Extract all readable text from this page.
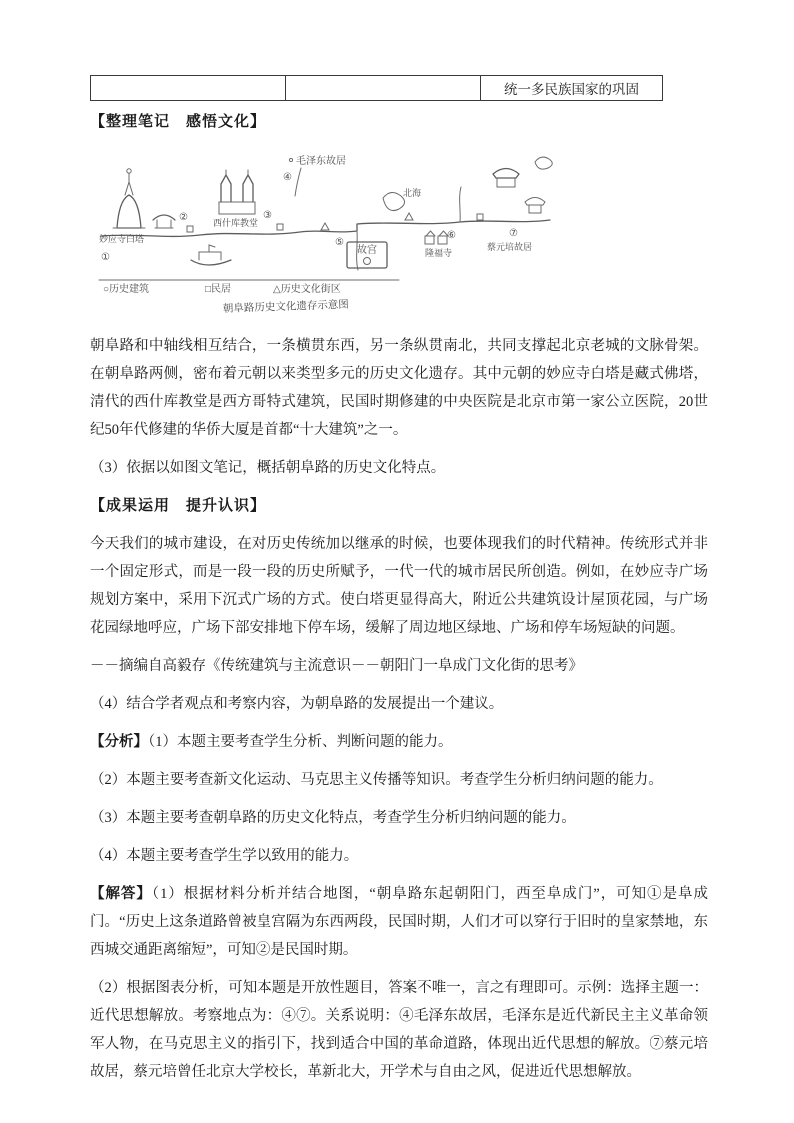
		统一多民族国家的巩固
【整理笔记　感悟文化】
妙应寺白塔
西什库教堂
毛泽东故居
北海
故宫	隆福寺
蔡元培故居
①
②	③
④
⑤
⑥	⑦
○历史建筑	□民居	△历史文化街区
朝阜路历史文化遗存示意图

朝阜路和中轴线相互结合，一条横贯东西，另一条纵贯南北，共同支撑起北京老城的文脉骨架。在朝阜路两侧，密布着元朝以来类型多元的历史文化遗存。其中元朝的妙应寺白塔是藏式佛塔，清代的西什库教堂是西方哥特式建筑，民国时期修建的中央医院是北京市第一家公立医院，20世纪50年代修建的华侨大厦是首都“十大建筑”之一。

（3）依据以如图文笔记，概括朝阜路的历史文化特点。

【成果运用　提升认识】

今天我们的城市建设，在对历史传统加以继承的时候，也要体现我们的时代精神。传统形式并非一个固定形式，而是一段一段的历史所赋予，一代一代的城市居民所创造。例如，在妙应寺广场规划方案中，采用下沉式广场的方式。使白塔更显得高大，附近公共建筑设计屋顶花园，与广场花园绿地呼应，广场下部安排地下停车场，缓解了周边地区绿地、广场和停车场短缺的问题。

－－摘编自高毅存《传统建筑与主流意识－－朝阳门一阜成门文化街的思考》

（4）结合学者观点和考察内容，为朝阜路的发展提出一个建议。

【分析】（1）本题主要考查学生分析、判断问题的能力。

（2）本题主要考查新文化运动、马克思主义传播等知识。考查学生分析归纳问题的能力。

（3）本题主要考查朝阜路的历史文化特点，考查学生分析归纳问题的能力。

（4）本题主要考查学生学以致用的能力。

【解答】（1）根据材料分析并结合地图，“朝阜路东起朝阳门，西至阜成门”，可知①是阜成门。“历史上这条道路曾被皇宫隔为东西两段，民国时期，人们才可以穿行于旧时的皇家禁地，东西城交通距离缩短”，可知②是民国时期。

（2）根据图表分析，可知本题是开放性题目，答案不唯一，言之有理即可。示例：选择主题一：近代思想解放。考察地点为：④⑦。关系说明：④毛泽东故居，毛泽东是近代新民主主义革命领军人物，在马克思主义的指引下，找到适合中国的革命道路，体现出近代思想的解放。⑦蔡元培故居，蔡元培曾任北京大学校长，革新北大，开学术与自由之风，促进近代思想解放。
